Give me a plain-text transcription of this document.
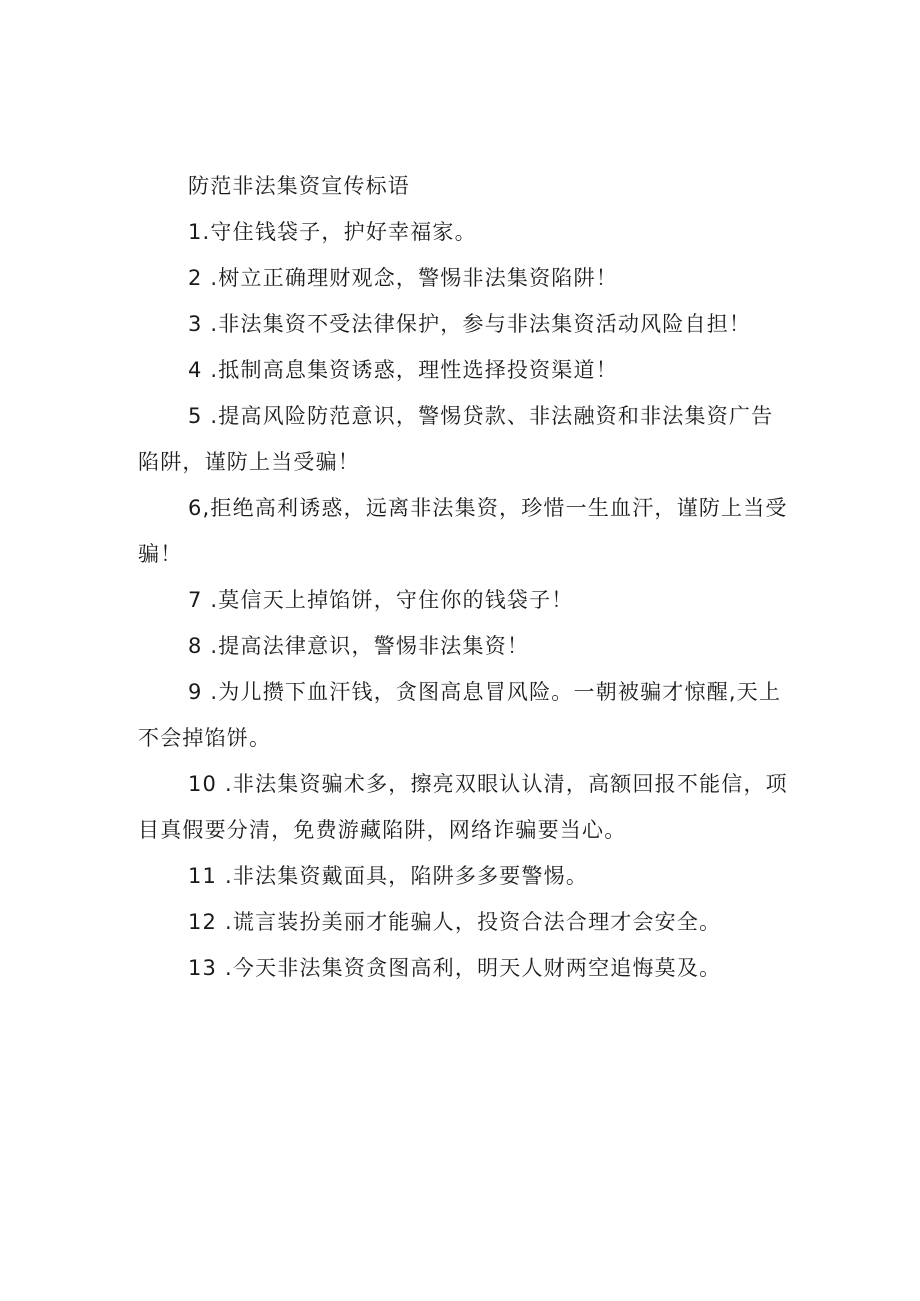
防范非法集资宣传标语

1.守住钱袋子，护好幸福家。

2 .树立正确理财观念，警惕非法集资陷阱！

3 .非法集资不受法律保护，参与非法集资活动风险自担！

4 .抵制高息集资诱惑，理性选择投资渠道！

5 .提高风险防范意识，警惕贷款、非法融资和非法集资广告陷阱，谨防上当受骗！

6,拒绝高利诱惑，远离非法集资，珍惜一生血汗，谨防上当受骗！

7 .莫信天上掉馅饼，守住你的钱袋子！

8 .提高法律意识，警惕非法集资！

9 .为儿攒下血汗钱，贪图高息冒风险。一朝被骗才惊醒,天上不会掉馅饼。

10 .非法集资骗术多，擦亮双眼认认清，高额回报不能信，项目真假要分清，免费游藏陷阱，网络诈骗要当心。

11 .非法集资戴面具，陷阱多多要警惕。

12 .谎言装扮美丽才能骗人，投资合法合理才会安全。

13 .今天非法集资贪图高利，明天人财两空追悔莫及。
